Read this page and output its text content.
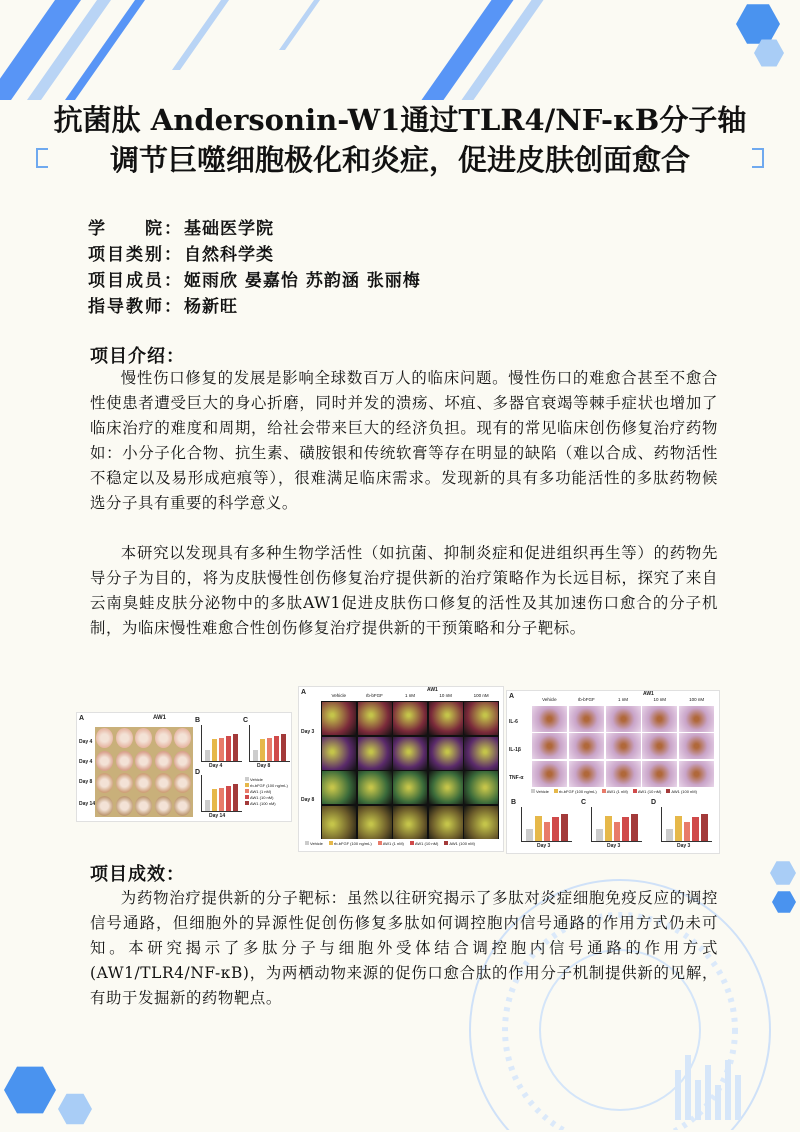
抗菌肽 Andersonin-W1通过TLR4/NF-κB分子轴
调节巨噬细胞极化和炎症，促进皮肤创面愈合
学　　院： 基础医学院
项目类别： 自然科学类
项目成员： 姬雨欣 晏嘉怡 苏韵涵 张丽梅
指导教师： 杨新旺
项目介绍：
慢性伤口修复的发展是影响全球数百万人的临床问题。慢性伤口的难愈合甚至不愈合性使患者遭受巨大的身心折磨，同时并发的溃疡、坏疽、多器官衰竭等棘手症状也增加了临床治疗的难度和周期，给社会带来巨大的经济负担。现有的常见临床创伤修复治疗药物如：小分子化合物、抗生素、磺胺银和传统软膏等存在明显的缺陷（难以合成、药物活性不稳定以及易形成疤痕等），很难满足临床需求。发现新的具有多功能活性的多肽药物候选分子具有重要的科学意义。
本研究以发现具有多种生物学活性（如抗菌、抑制炎症和促进组织再生等）的药物先导分子为目的，将为皮肤慢性创伤修复治疗提供新的治疗策略作为长远目标，探究了来自云南臭蛙皮肤分泌物中的多肽AW1促进皮肤伤口修复的活性及其加速伤口愈合的分子机制，为临床慢性难愈合性创伤修复治疗提供新的干预策略和分子靶标。
A	AW1
Day 4
Day 4
Day 8
Day 14
B	C
D
Day 4	Day 8
Day 14
Vehicle
rb-bFGF (100 ng/mL)
AW1 (1 nM)
AW1 (10 nM)
AW1 (100 nM)
A	AW1
Vehicle	rb-bFGF	1 nM	10 nM	100 nM
Day 3
Day 8
Vehicle	rb-bFGF (100 ng/mL)	AW1 (1 nM)	AW1 (10 nM)	AW1 (100 nM)
A	AW1
Vehicle	rb-bFGF	1 nM	10 nM	100 nM
IL-6
IL-1β
TNF-α
Vehicle	rb-bFGF (100 ng/mL)	AW1 (1 nM)	AW1 (10 nM)	AW1 (100 nM)
B	C	D
Day 3	Day 3	Day 3
项目成效：
为药物治疗提供新的分子靶标：虽然以往研究揭示了多肽对炎症细胞免疫反应的调控信号通路，但细胞外的异源性促创伤修复多肽如何调控胞内信号通路的作用方式仍未可知。本研究揭示了多肽分子与细胞外受体结合调控胞内信号通路的作用方式(AW1/TLR4/NF-κB)，为两栖动物来源的促伤口愈合肽的作用分子机制提供新的见解，有助于发掘新的药物靶点。
